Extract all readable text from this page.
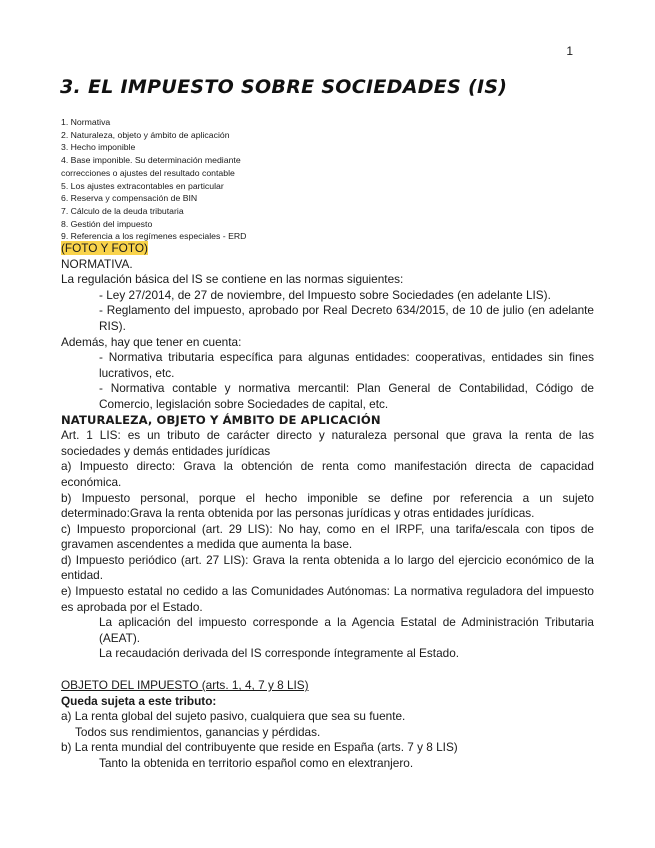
1
3. EL IMPUESTO SOBRE SOCIEDADES (IS)
1. Normativa
2. Naturaleza, objeto y ámbito de aplicación
3. Hecho imponible
4. Base imponible. Su determinación mediante
correcciones o ajustes del resultado contable
5. Los ajustes extracontables en particular
6. Reserva y compensación de BIN
7. Cálculo de la deuda tributaria
8. Gestión del impuesto
9. Referencia a los regímenes especiales - ERD

(FOTO Y FOTO)

NORMATIVA.

La regulación básica del IS se contiene en las normas siguientes:

- Ley 27/2014, de 27 de noviembre, del Impuesto sobre Sociedades (en adelante LIS).

- Reglamento del impuesto, aprobado por Real Decreto 634/2015, de 10 de julio (en adelante RIS).

Además, hay que tener en cuenta:

- Normativa tributaria específica para algunas entidades: cooperativas, entidades sin fines lucrativos, etc.

- Normativa contable y normativa mercantil: Plan General de Contabilidad, Código de Comercio, legislación sobre Sociedades de capital, etc.

NATURALEZA, OBJETO Y ÁMBITO DE APLICACIÓN

Art. 1 LIS: es un tributo de carácter directo y naturaleza personal que grava la renta de las sociedades y demás entidades jurídicas

a) Impuesto directo: Grava la obtención de renta como manifestación directa de capacidad económica.

b) Impuesto personal, porque el hecho imponible se define por referencia a un sujeto determinado:Grava la renta obtenida por las personas jurídicas y otras entidades jurídicas.

c) Impuesto proporcional (art. 29 LIS): No hay, como en el IRPF, una tarifa/escala con tipos de gravamen ascendentes a medida que aumenta la base.

d) Impuesto periódico (art. 27 LIS): Grava la renta obtenida a lo largo del ejercicio económico de la entidad.

e) Impuesto estatal no cedido a las Comunidades Autónomas: La normativa reguladora del impuesto es aprobada por el Estado.

La aplicación del impuesto corresponde a la Agencia Estatal de Administración Tributaria (AEAT).

La recaudación derivada del IS corresponde íntegramente al Estado.

OBJETO DEL IMPUESTO (arts. 1, 4, 7 y 8 LIS)

Queda sujeta a este tributo:

a) La renta global del sujeto pasivo, cualquiera que sea su fuente.

Todos sus rendimientos, ganancias y pérdidas.

b) La renta mundial del contribuyente que reside en España (arts. 7 y 8 LIS)

Tanto la obtenida en territorio español como en elextranjero.
